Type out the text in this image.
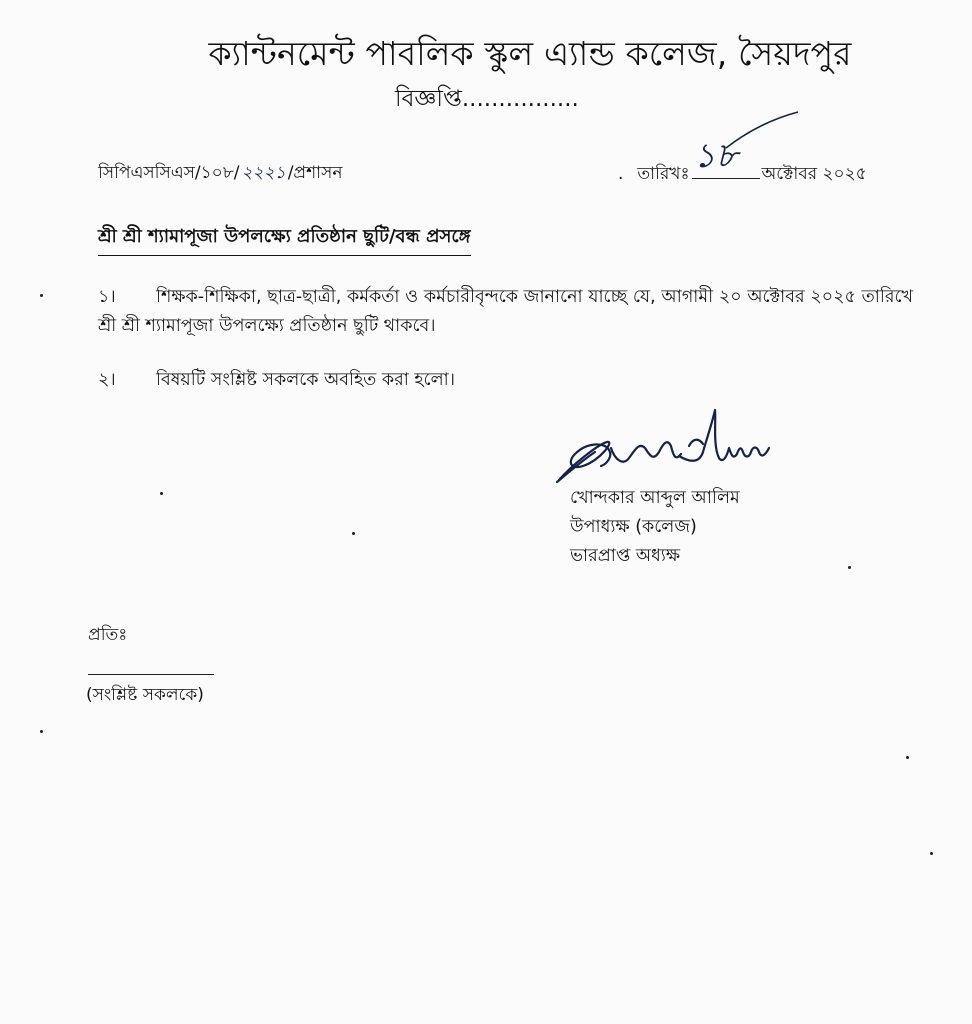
ক্যান্টনমেন্ট পাবলিক স্কুল এ্যান্ড কলেজ, সৈয়দপুর
বিজ্ঞপ্তি................
সিপিএসসিএস/১০৮/ ২২২১ /প্রশাসন	. তারিখঃ ১৮ অক্টোবর ২০২৫
শ্রী শ্রী শ্যামাপূজা উপলক্ষ্যে প্রতিষ্ঠান ছুটি/বন্ধ প্রসঙ্গে
১। শিক্ষক-শিক্ষিকা, ছাত্র-ছাত্রী, কর্মকর্তা ও কর্মচারীবৃন্দকে জানানো যাচ্ছে যে, আগামী ২০ অক্টোবর ২০২৫ তারিখে শ্রী শ্রী শ্যামাপূজা উপলক্ষ্যে প্রতিষ্ঠান ছুটি থাকবে।
২। বিষয়টি সংশ্লিষ্ট সকলকে অবহিত করা হলো।
খোন্দকার আব্দুল আলিম
উপাধ্যক্ষ (কলেজ)
ভারপ্রাপ্ত অধ্যক্ষ
প্রতিঃ
(সংশ্লিষ্ট সকলকে)
